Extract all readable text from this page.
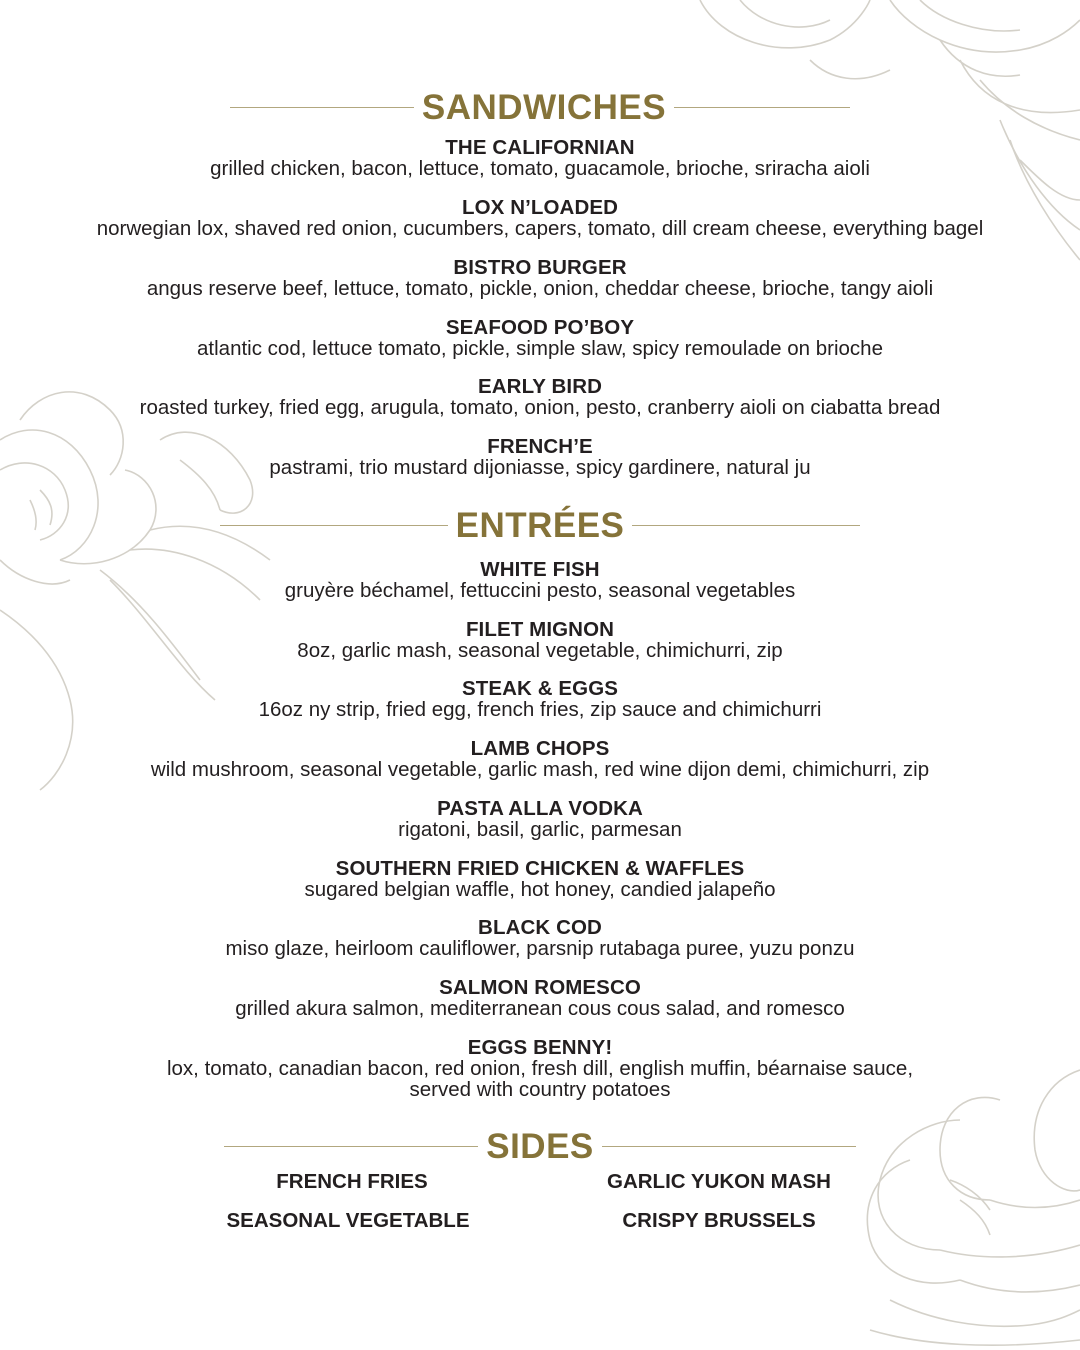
SANDWICHES
THE CALIFORNIAN
grilled chicken, bacon, lettuce, tomato, guacamole, brioche, sriracha aioli
LOX N’LOADED
norwegian lox, shaved red onion, cucumbers, capers, tomato, dill cream cheese, everything bagel
BISTRO BURGER
angus reserve beef, lettuce, tomato, pickle, onion, cheddar cheese, brioche, tangy aioli
SEAFOOD PO’BOY
atlantic cod, lettuce tomato, pickle, simple slaw, spicy remoulade on brioche
EARLY BIRD
roasted turkey, fried egg, arugula, tomato, onion, pesto, cranberry aioli on ciabatta bread
FRENCH’E
pastrami, trio mustard dijoniasse, spicy gardinere, natural ju
ENTRÉES
WHITE FISH
gruyère béchamel, fettuccini pesto, seasonal vegetables
FILET MIGNON
8oz, garlic mash, seasonal vegetable, chimichurri, zip
STEAK & EGGS
16oz ny strip, fried egg, french fries, zip sauce and chimichurri
LAMB CHOPS
wild mushroom, seasonal vegetable, garlic mash, red wine dijon demi, chimichurri, zip
PASTA ALLA VODKA
rigatoni, basil, garlic, parmesan
SOUTHERN FRIED CHICKEN & WAFFLES
sugared belgian waffle, hot honey, candied jalapeño
BLACK COD
miso glaze, heirloom cauliflower, parsnip rutabaga puree, yuzu ponzu
SALMON ROMESCO
grilled akura salmon, mediterranean cous cous salad, and romesco
EGGS BENNY!
lox, tomato, canadian bacon, red onion, fresh dill, english muffin, béarnaise sauce,
served with country potatoes
SIDES
FRENCH FRIES	GARLIC YUKON MASH
SEASONAL VEGETABLE	CRISPY BRUSSELS
